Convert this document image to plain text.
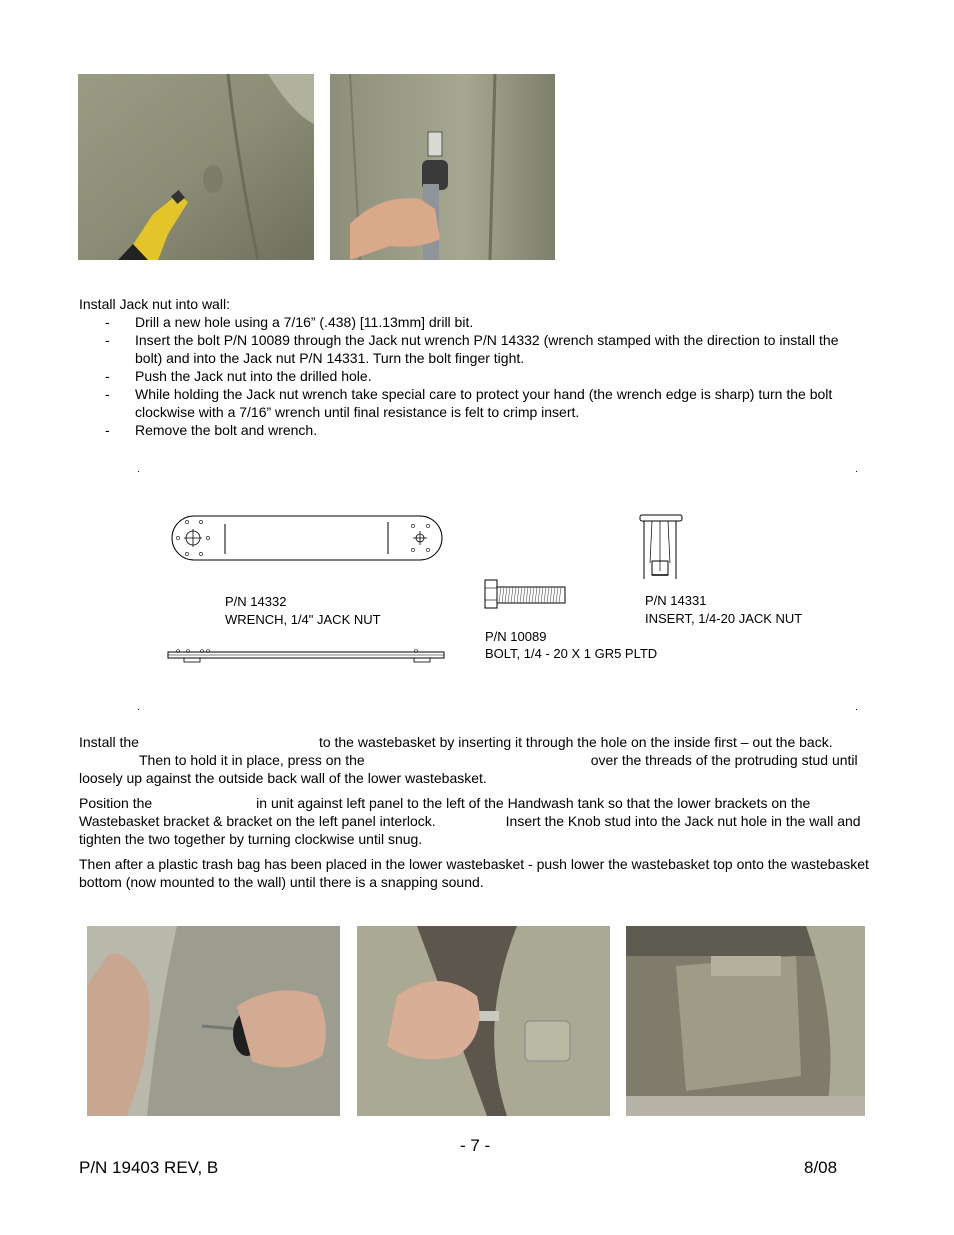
Install Jack nut into wall:
- Drill a new hole using a 7/16” (.438) [11.13mm] drill bit.
- Insert the bolt P/N 10089 through the Jack nut wrench P/N 14332 (wrench stamped with the direction to install the bolt) and into the Jack nut P/N 14331. Turn the bolt finger tight.
- Push the Jack nut into the drilled hole.
- While holding the Jack nut wrench take special care to protect your hand (the wrench edge is sharp) turn the bolt clockwise with a 7/16” wrench until final resistance is felt to crimp insert.
- Remove the bolt and wrench.
P/N 14332
WRENCH, 1/4" JACK NUT
P/N 10089
BOLT, 1/4 - 20 X 1 GR5 PLTD
P/N 14331
INSERT, 1/4-20 JACK NUT

Install the	to the wastebasket by inserting it through the hole on the inside first – out the back.Then to hold it in place, press on the	over the threads of the protruding stud until loosely up against the outside back wall of the lower wastebasket.

Position the	in unit against left panel to the left of the Handwash tank so that the lower brackets on the Wastebasket bracket & bracket on the left panel interlock.	Insert the Knob stud into the Jack nut hole in the wall and tighten the two together by turning clockwise until snug.

Then after a plastic trash bag has been placed in the lower wastebasket - push lower the wastebasket top onto the wastebasket bottom (now mounted to the wall) until there is a snapping sound.

- 7 -
P/N 19403 REV, B	8/08
